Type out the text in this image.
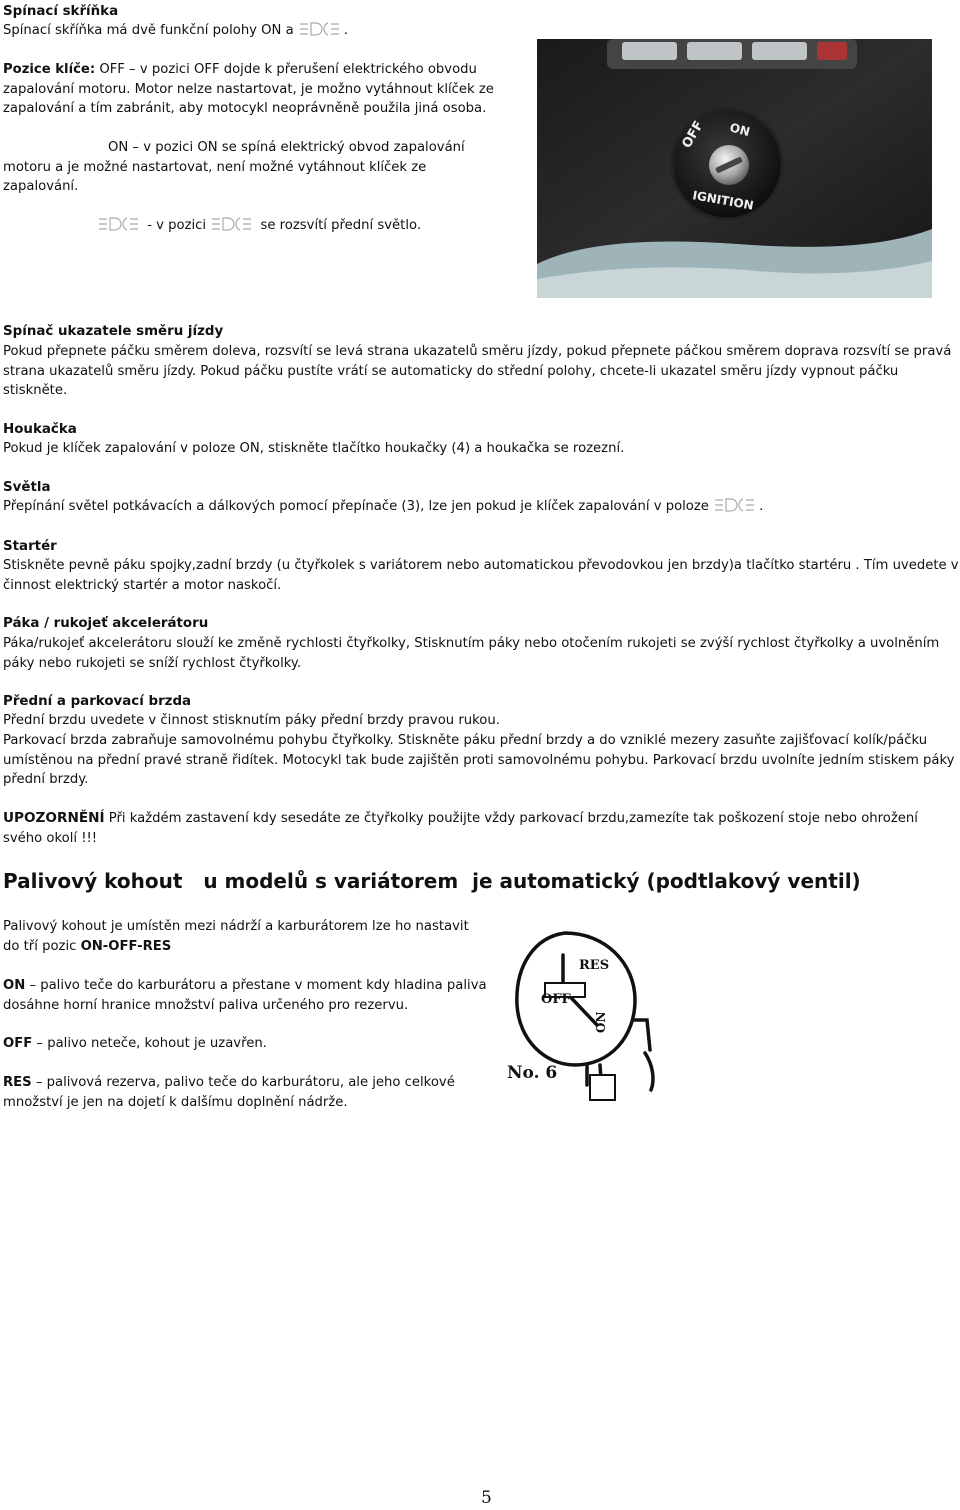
Spínací skříňka
Spínací skříňka má dvě funkční polohy ON a	.
Pozice klíče: OFF – v pozici OFF dojde k přerušení elektrického obvodu zapalování motoru. Motor nelze nastartovat, je možno vytáhnout klíček ze zapalování a tím zabránit, aby motocykl neoprávněně použila jiná osoba.
ON – v pozici ON se spíná elektrický obvod zapalování motoru a je možné nastartovat, není možné vytáhnout klíček ze zapalování.
- v pozici	se rozsvítí přední světlo.
OFF ON
IGNITION
Spínač ukazatele směru jízdy
Pokud přepnete páčku směrem doleva, rozsvítí se levá strana ukazatelů směru jízdy, pokud přepnete páčkou směrem doprava rozsvítí se pravá strana ukazatelů směru jízdy. Pokud páčku pustíte vrátí se automaticky do střední polohy, chcete-li ukazatel směru jízdy vypnout páčku stiskněte.
Houkačka
Pokud je klíček zapalování v poloze ON, stiskněte tlačítko houkačky (4) a houkačka se rozezní.
Světla
Přepínání světel potkávacích a dálkových pomocí přepínače (3), lze jen pokud je klíček zapalování v poloze	.
Startér
Stiskněte pevně páku spojky,zadní brzdy (u čtyřkolek s variátorem nebo automatickou převodovkou jen brzdy)a tlačítko startéru . Tím uvedete v činnost elektrický startér a motor naskočí.
Páka / rukojeť akcelerátoru
Páka/rukojeť akcelerátoru slouží ke změně rychlosti čtyřkolky, Stisknutím páky nebo otočením rukojeti se zvýší rychlost čtyřkolky a uvolněním páky nebo rukojeti se sníží rychlost čtyřkolky.
Přední a parkovací brzda
Přední brzdu uvedete v činnost stisknutím páky přední brzdy pravou rukou.
Parkovací brzda zabraňuje samovolnému pohybu čtyřkolky. Stiskněte páku přední brzdy a do vzniklé mezery zasuňte zajišťovací kolík/páčku umístěnou na přední pravé straně řidítek. Motocykl tak bude zajištěn proti samovolnému pohybu. Parkovací brzdu uvolníte jedním stiskem páky přední brzdy.
UPOZORNĚNÍ Při každém zastavení kdy sesedáte ze čtyřkolky použijte vždy parkovací brzdu,zamezíte tak poškození stoje nebo ohrožení svého okolí !!!
Palivový kohout   u modelů s variátorem  je automatický (podtlakový ventil)
Palivový kohout je umístěn mezi nádrží a karburátorem lze ho nastavit do tří pozic ON-OFF-RES
ON – palivo teče do karburátoru a přestane v moment kdy hladina paliva dosáhne horní hranice množství paliva určeného pro rezervu.
OFF – palivo neteče, kohout je uzavřen.
RES – palivová rezerva, palivo teče do karburátoru, ale jeho celkové množství je jen na dojetí k dalšímu doplnění nádrže.
RES
OFF
ON
No. 6
5
